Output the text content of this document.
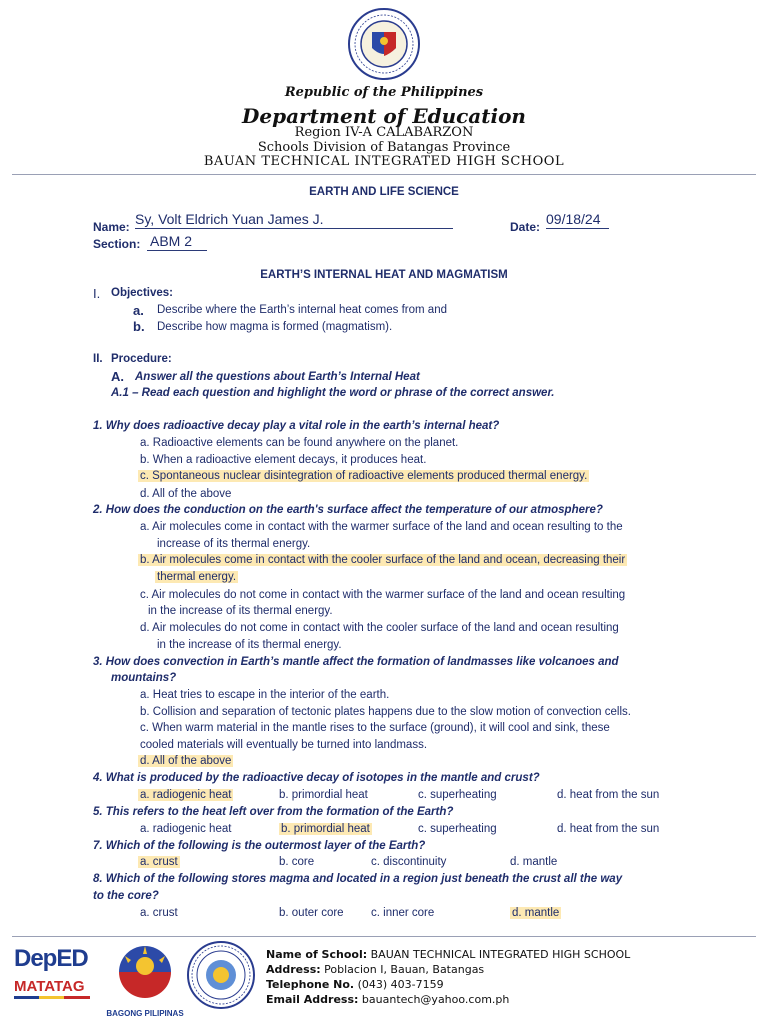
Republic of the Philippines
Department of Education
Region IV-A CALABARZON
Schools Division of Batangas Province
BAUAN TECHNICAL INTEGRATED HIGH SCHOOL
EARTH AND LIFE SCIENCE
Name: Sy, Volt Eldrich Yuan James J.	Date: 09/18/24
Section: ABM 2
EARTH’S INTERNAL HEAT AND MAGMATISM
I. Objectives:
a. Describe where the Earth’s internal heat comes from and
b. Describe how magma is formed (magmatism).
II. Procedure:
A. Answer all the questions about Earth’s Internal Heat
A.1 – Read each question and highlight the word or phrase of the correct answer.
1. Why does radioactive decay play a vital role in the earth’s internal heat?
a. Radioactive elements can be found anywhere on the planet.
b. When a radioactive element decays, it produces heat.
c. Spontaneous nuclear disintegration of radioactive elements produced thermal energy.
d. All of the above
2. How does the conduction on the earth's surface affect the temperature of our atmosphere?
a. Air molecules come in contact with the warmer surface of the land and ocean resulting to the
increase of its thermal energy.
b. Air molecules come in contact with the cooler surface of the land and ocean, decreasing their
thermal energy.
c. Air molecules do not come in contact with the warmer surface of the land and ocean resulting
in the increase of its thermal energy.
d. Air molecules do not come in contact with the cooler surface of the land and ocean resulting
in the increase of its thermal energy.
3. How does convection in Earth’s mantle affect the formation of landmasses like volcanoes and
mountains?
a. Heat tries to escape in the interior of the earth.
b. Collision and separation of tectonic plates happens due to the slow motion of convection cells.
c. When warm material in the mantle rises to the surface (ground), it will cool and sink, these
cooled materials will eventually be turned into landmass.
d. All of the above
4. What is produced by the radioactive decay of isotopes in the mantle and crust?
a. radiogenic heat	b. primordial heat	c. superheating	d. heat from the sun
5. This refers to the heat left over from the formation of the Earth?
a. radiogenic heat	b. primordial heat	c. superheating	d. heat from the sun
7. Which of the following is the outermost layer of the Earth?
a. crust	b. core	c. discontinuity	d. mantle
8. Which of the following stores magma and located in a region just beneath the crust all the way
to the core?
a. crust	b. outer core c. inner core	d. mantle
DepED
MATATAG
BAGONG PILIPINAS
Name of School: BAUAN TECHNICAL INTEGRATED HIGH SCHOOL
Address: Poblacion I, Bauan, Batangas
Telephone No. (043) 403-7159
Email Address: bauantech@yahoo.com.ph
